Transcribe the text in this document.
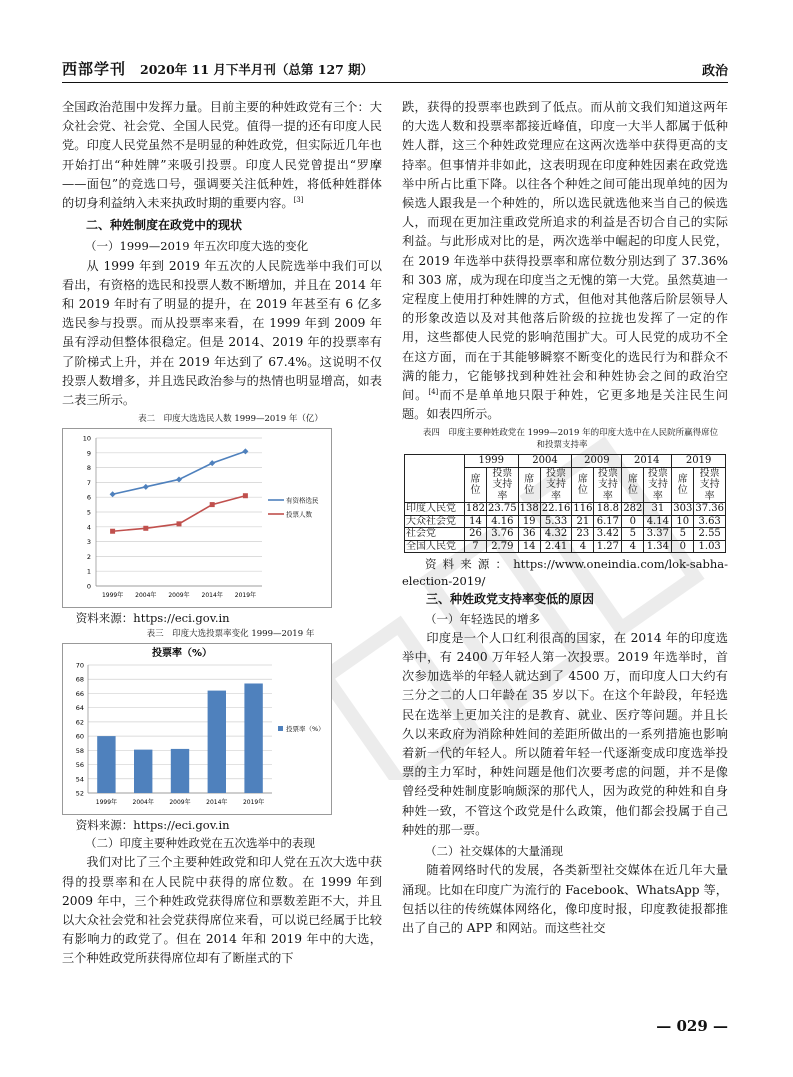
西部学刊 2020年 11 月下半月刊（总第 127 期）	政治

全国政治范围中发挥力量。目前主要的种姓政党有三个：大众社会党、社会党、全国人民党。值得一提的还有印度人民党。印度人民党虽然不是明显的种姓政党，但实际近几年也开始打出“种姓牌”来吸引投票。印度人民党曾提出“罗摩——面包”的竞选口号，强调要关注低种姓，将低种姓群体的切身利益纳入未来执政时期的重要内容。[3]

二、种姓制度在政党中的现状

（一）1999—2019 年五次印度大选的变化

从 1999 年到 2019 年五次的人民院选举中我们可以看出，有资格的选民和投票人数不断增加，并且在 2014 年和 2019 年时有了明显的提升，在 2019 年甚至有 6 亿多选民参与投票。而从投票率来看，在 1999 年到 2009 年虽有浮动但整体很稳定。但是 2014、2019 年的投票率有了阶梯式上升，并在 2019 年达到了 67.4%。这说明不仅投票人数增多，并且选民政治参与的热情也明显增高，如表二表三所示。

表二　印度大选选民人数 1999—2019 年（亿）

0
1
2
3
4
5
6
7
8
9
10
1999年 2004年 2009年 2014年 2019年
有资格选民
投票人数

资料来源：https://eci.gov.in

表三　印度大选投票率变化 1999—2019 年

投票率（%）
52
54
56
58
60
62
64
66
68
70
1999年	2004年	2009年	2014年	2019年
投票率（%）

资料来源：https://eci.gov.in

（二）印度主要种姓政党在五次选举中的表现

我们对比了三个主要种姓政党和印人党在五次大选中获得的投票率和在人民院中获得的席位数。在 1999 年到 2009 年中，三个种姓政党获得席位和票数差距不大，并且以大众社会党和社会党获得席位来看，可以说已经属于比较有影响力的政党了。但在 2014 年和 2019 年中的大选，三个种姓政党所获得席位却有了断崖式的下

跌，获得的投票率也跌到了低点。而从前文我们知道这两年的大选人数和投票率都接近峰值，印度一大半人都属于低种姓人群，这三个种姓政党理应在这两次选举中获得更高的支持率。但事情并非如此，这表明现在印度种姓因素在政党选举中所占比重下降。以往各个种姓之间可能出现单纯的因为候选人跟我是一个种姓的，所以选民就选他来当自己的候选人，而现在更加注重政党所追求的利益是否切合自己的实际利益。与此形成对比的是，两次选举中崛起的印度人民党，在 2019 年选举中获得投票率和席位数分别达到了 37.36% 和 303 席，成为现在印度当之无愧的第一大党。虽然莫迪一定程度上使用打种姓牌的方式，但他对其他落后阶层领导人的形象改造以及对其他落后阶级的拉拢也发挥了一定的作用，这些都使人民党的影响范围扩大。可人民党的成功不全在这方面，而在于其能够瞬察不断变化的选民行为和群众不满的能力，它能够找到种姓社会和种姓协会之间的政治空间。[4]而不是单单地只限于种姓，它更多地是关注民生问题。如表四所示。

表四　印度主要种姓政党在 1999—2019 年的印度大选中在人民院所赢得席位和投票支持率

	1999		2004		2009		2014		2019	
	席位	投票支持率	席位	投票支持率	席位	投票支持率	席位	投票支持率	席位	投票支持率
印度人民党	182	23.75	138	22.16	116	18.8	282	31	303	37.36
大众社会党	14	4.16	19	5.33	21	6.17	0	4.14	10	3.63
社会党	26	3.76	36	4.32	23	3.42	5	3.37	5	2.55
全国人民党	7	2.79	14	2.41	4	1.27	4	1.34	0	1.03

资料来源：https://www.oneindia.com/lok-sabha-election-2019/

三、种姓政党支持率变低的原因

（一）年轻选民的增多

印度是一个人口红利很高的国家，在 2014 年的印度选举中，有 2400 万年轻人第一次投票。2019 年选举时，首次参加选举的年轻人就达到了 4500 万，而印度人口大约有三分之二的人口年龄在 35 岁以下。在这个年龄段，年轻选民在选举上更加关注的是教育、就业、医疗等问题。并且长久以来政府为消除种姓间的差距所做出的一系列措施也影响着新一代的年轻人。所以随着年轻一代逐渐变成印度选举投票的主力军时，种姓问题是他们次要考虑的问题，并不是像曾经受种姓制度影响颇深的那代人，因为政党的种姓和自身种姓一致，不管这个政党是什么政策，他们都会投属于自己种姓的那一票。

（二）社交媒体的大量涌现

随着网络时代的发展，各类新型社交媒体在近几年大量涌现。比如在印度广为流行的 Facebook、WhatsApp 等，包括以往的传统媒体网络化，像印度时报，印度教徒报都推出了自己的 APP 和网站。而这些社交

— 029 —
